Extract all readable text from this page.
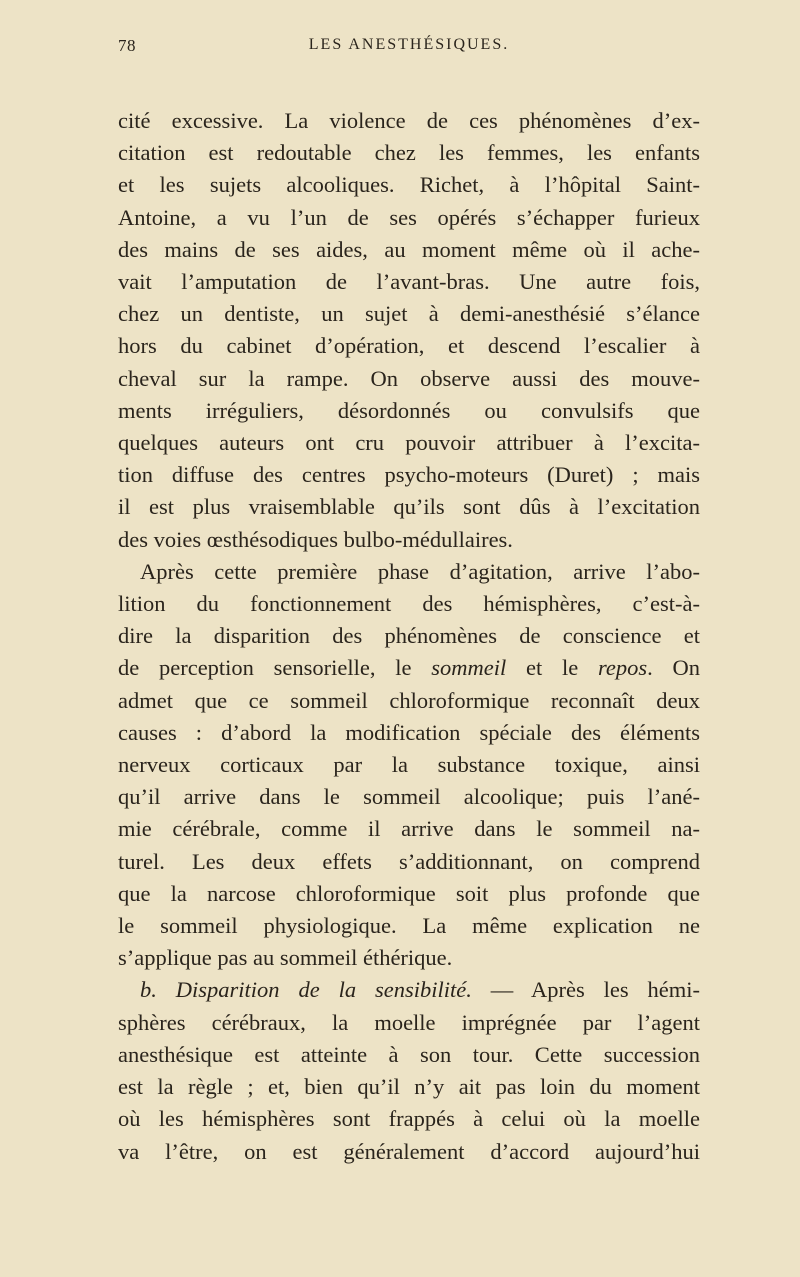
78	LES ANESTHÉSIQUES.

cité excessive. La violence de ces phénomènes d’ex-
citation est redoutable chez les femmes, les enfants
et les sujets alcooliques. Richet, à l’hôpital Saint-
Antoine, a vu l’un de ses opérés s’échapper furieux
des mains de ses aides, au moment même où il ache-
vait l’amputation de l’avant-bras. Une autre fois,
chez un dentiste, un sujet à demi-anesthésié s’élance
hors du cabinet d’opération, et descend l’escalier à
cheval sur la rampe. On observe aussi des mouve-
ments irréguliers, désordonnés ou convulsifs que
quelques auteurs ont cru pouvoir attribuer à l’excita-
tion diffuse des centres psycho-moteurs (Duret) ; mais
il est plus vraisemblable qu’ils sont dûs à l’excitation
des voies œsthésodiques bulbo-médullaires.

Après cette première phase d’agitation, arrive l’abo-
lition du fonctionnement des hémisphères, c’est-à-
dire la disparition des phénomènes de conscience et
de perception sensorielle, le sommeil et le repos. On
admet que ce sommeil chloroformique reconnaît deux
causes : d’abord la modification spéciale des éléments
nerveux corticaux par la substance toxique, ainsi
qu’il arrive dans le sommeil alcoolique; puis l’ané-
mie cérébrale, comme il arrive dans le sommeil na-
turel. Les deux effets s’additionnant, on comprend
que la narcose chloroformique soit plus profonde que
le sommeil physiologique. La même explication ne
s’applique pas au sommeil éthérique.

b. Disparition de la sensibilité. — Après les hémi-
sphères cérébraux, la moelle imprégnée par l’agent
anesthésique est atteinte à son tour. Cette succession
est la règle ; et, bien qu’il n’y ait pas loin du moment
où les hémisphères sont frappés à celui où la moelle
va l’être, on est généralement d’accord aujourd’hui
